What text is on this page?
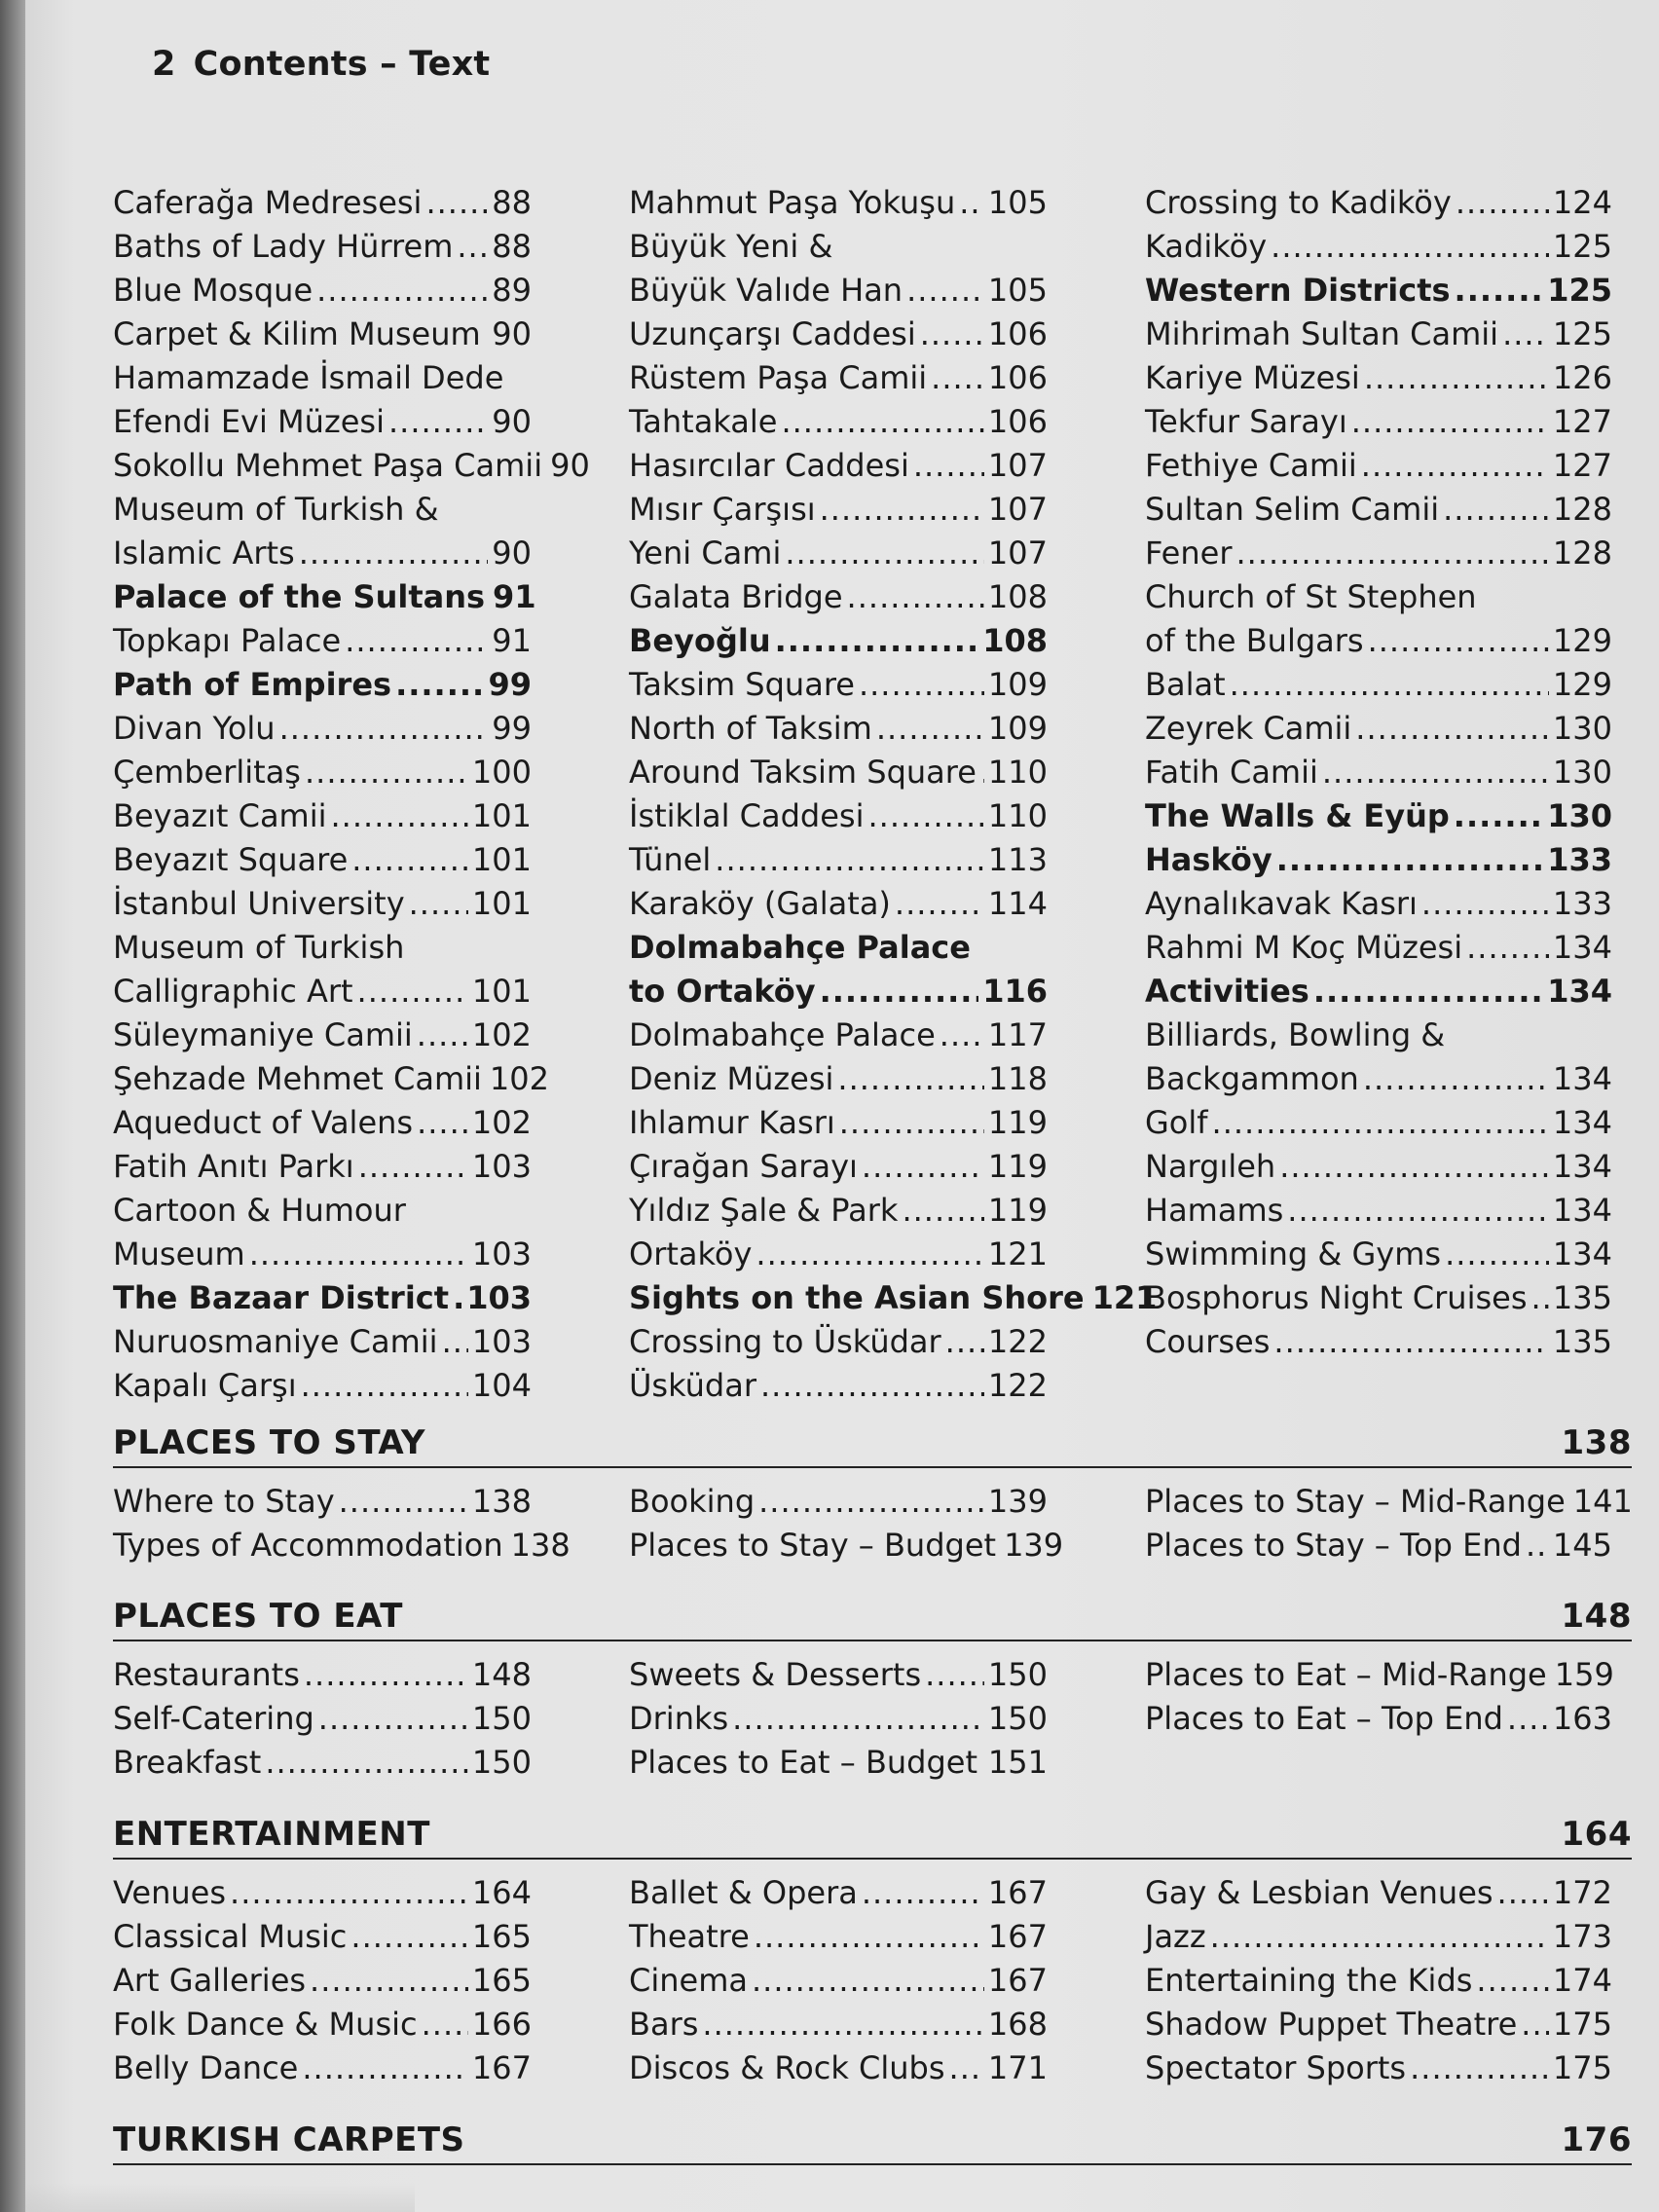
2 Contents – Text
Caferağa Medresesi ..... 88
Baths of Lady Hürrem ..... 88
Blue Mosque .....	89
Carpet & Kilim Museum ..... 90
Hamamzade İsmail Dede
Efendi Evi Müzesi .....	90
Sokollu Mehmet Paşa Camii 90
Museum of Turkish &
Islamic Arts .....	90
Palace of the Sultans 91
Topkapı Palace .....	91
Path of Empires .....	99
Divan Yolu .....	99
Çemberlitaş .....	100
Beyazıt Camii .....	101
Beyazıt Square .....	101
İstanbul University ..... 101
Museum of Turkish
Calligraphic Art .....	101
Süleymaniye Camii ..... 102
Şehzade Mehmet Camii 102
Aqueduct of Valens ..... 102
Fatih Anıtı Parkı .....	103
Cartoon & Humour
Museum .....	103
The Bazaar District ..... 103
Nuruosmaniye Camii ..... 103
Kapalı Çarşı .....	104
Mahmut Paşa Yokuşu ..... 105
Büyük Yeni &
Büyük Valıde Han .....	105
Uzunçarşı Caddesi ..... 106
Rüstem Paşa Camii ..... 106
Tahtakale .....	106
Hasırcılar Caddesi .....	107
Mısır Çarşısı .....	107
Yeni Cami .....	107
Galata Bridge .....	108
Beyoğlu .....	108
Taksim Square .....	109
North of Taksim .....	109
Around Taksim Square ..... 110
İstiklal Caddesi .....	110
Tünel .....	113
Karaköy (Galata) .....	114
Dolmabahçe Palace
to Ortaköy .....	116
Dolmabahçe Palace ..... 117
Deniz Müzesi .....	118
Ihlamur Kasrı .....	119
Çırağan Sarayı .....	119
Yıldız Şale & Park .....	119
Ortaköy .....	121
Sights on the Asian Shore 121
Crossing to Üsküdar ..... 122
Üsküdar .....	122
Crossing to Kadiköy .....	124
Kadiköy .....	125
Western Districts .....	125
Mihrimah Sultan Camii ..... 125
Kariye Müzesi .....	126
Tekfur Sarayı .....	127
Fethiye Camii .....	127
Sultan Selim Camii .....	128
Fener .....	128
Church of St Stephen
of the Bulgars .....	129
Balat .....	129
Zeyrek Camii .....	130
Fatih Camii .....	130
The Walls & Eyüp .....	130
Hasköy .....	133
Aynalıkavak Kasrı .....	133
Rahmi M Koç Müzesi .....	134
Activities .....	134
Billiards, Bowling &
Backgammon .....	134
Golf .....	134
Nargıleh .....	134
Hamams .....	134
Swimming & Gyms .....	134
Bosphorus Night Cruises ..... 135
Courses .....	135
PLACES TO STAY	138
Where to Stay .....	138
Types of Accommodation 138
Booking .....	139
Places to Stay – Budget 139
Places to Stay – Mid-Range 141
Places to Stay – Top End ..... 145
PLACES TO EAT	148
Restaurants .....	148
Self-Catering .....	150
Breakfast .....	150
Sweets & Desserts ..... 150
Drinks .....	150
Places to Eat – Budget ..... 151
Places to Eat – Mid-Range 159
Places to Eat – Top End ..... 163
ENTERTAINMENT	164
Venues .....	164
Classical Music .....	165
Art Galleries .....	165
Folk Dance & Music ..... 166
Belly Dance .....	167
Ballet & Opera .....	167
Theatre .....	167
Cinema .....	167
Bars .....	168
Discos & Rock Clubs ..... 171
Gay & Lesbian Venues ..... 172
Jazz .....	173
Entertaining the Kids .....	174
Shadow Puppet Theatre ..... 175
Spectator Sports .....	175
TURKISH CARPETS	176
